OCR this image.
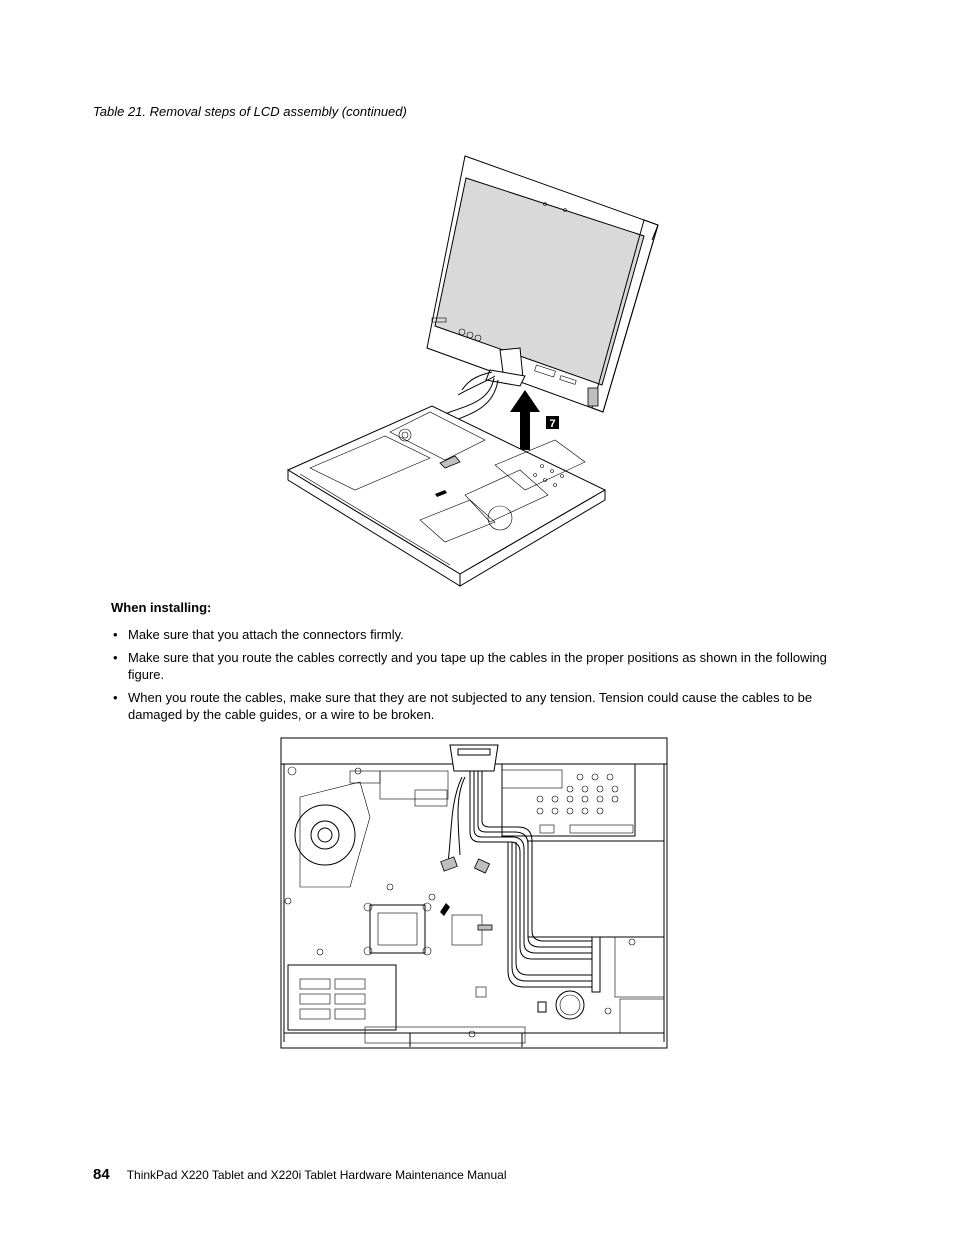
Table 21. Removal steps of LCD assembly (continued)
7
When installing:
• Make sure that you attach the connectors firmly.
• Make sure that you route the cables correctly and you tape up the cables in the proper positions as shown in the following figure.
• When you route the cables, make sure that they are not subjected to any tension. Tension could cause the cables to be damaged by the cable guides, or a wire to be broken.
84 ThinkPad X220 Tablet and X220i Tablet Hardware Maintenance Manual
